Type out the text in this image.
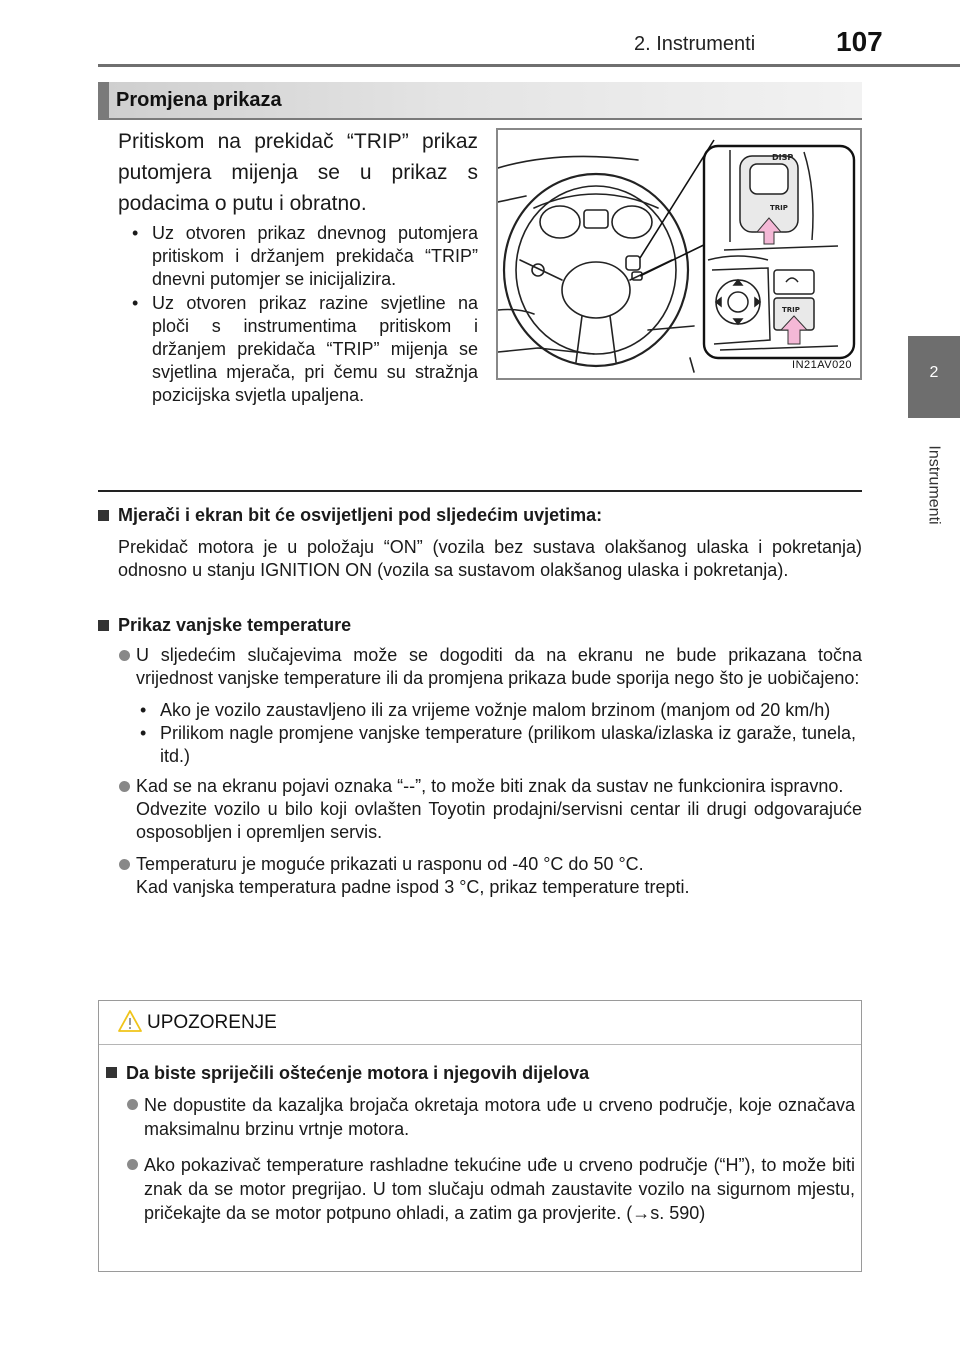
2. Instrumenti	107
2
Instrumenti
Promjena prikaza

Pritiskom na prekidač “TRIP” prikaz putomjera mijenja se u prikaz s podacima o putu i obratno.

• Uz otvoren prikaz dnevnog putomjera pritiskom i držanjem prekidača “TRIP” dnevni putomjer se inicijalizira.
• Uz otvoren prikaz razine svjetline na ploči s instrumentima pritiskom i držanjem prekidača “TRIP” mijenja se svjetlina mjerača, pri čemu su stražnja pozicijska svjetla upaljena.
DISP
TRIP
TRIP
IN21AV020
Mjerači i ekran bit će osvijetljeni pod sljedećim uvjetima:
Prekidač motora je u položaju “ON” (vozila bez sustava olakšanog ulaska i pokretanja) odnosno u stanju IGNITION ON (vozila sa sustavom olakšanog ulaska i pokretanja).
Prikaz vanjske temperature
U sljedećim slučajevima može se dogoditi da na ekranu ne bude prikazana točna vrijednost vanjske temperature ili da promjena prikaza bude sporija nego što je uobičajeno:
• Ako je vozilo zaustavljeno ili za vrijeme vožnje malom brzinom (manjom od 20 km/h)
• Prilikom nagle promjene vanjske temperature (prilikom ulaska/izlaska iz garaže, tunela, itd.)
Kad se na ekranu pojavi oznaka “--”, to može biti znak da sustav ne funkcionira ispravno.
Odvezite vozilo u bilo koji ovlašten Toyotin prodajni/servisni centar ili drugi odgovarajuće osposobljen i opremljen servis.
Temperaturu je moguće prikazati u rasponu od -40 °C do 50 °C.
Kad vanjska temperatura padne ispod 3 °C, prikaz temperature trepti.
UPOZORENJE
Da biste spriječili oštećenje motora i njegovih dijelova
Ne dopustite da kazaljka brojača okretaja motora uđe u crveno područje, koje označava maksimalnu brzinu vrtnje motora.
Ako pokazivač temperature rashladne tekućine uđe u crveno područje (“H”), to može biti znak da se motor pregrijao. U tom slučaju odmah zaustavite vozilo na sigurnom mjestu, pričekajte da se motor potpuno ohladi, a zatim ga provjerite. (→s. 590)
